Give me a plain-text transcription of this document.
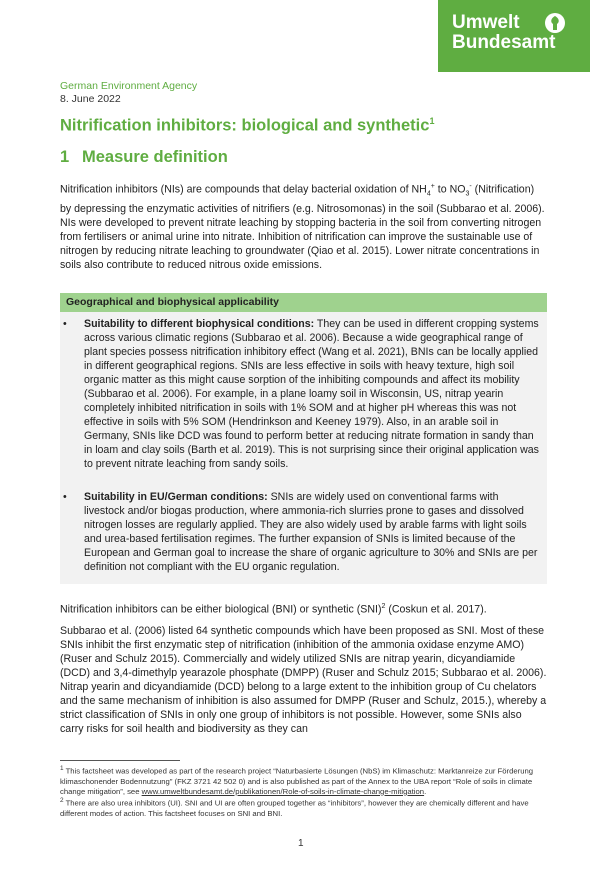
Umwelt
Bundesamt
German Environment Agency
8. June 2022
Nitrification inhibitors: biological and synthetic$^1$
1 Measure definition

Nitrification inhibitors (NIs) are compounds that delay bacterial oxidation of $NH_4^+$ to $NO_3^-$ (Nitrification) by depressing the enzymatic activities of nitrifiers (e.g. Nitrosomonas) in the soil (Subbarao et al. 2006). NIs were developed to prevent nitrate leaching by stopping bacteria in the soil from converting nitrogen from fertilisers or animal urine into nitrate. Inhibition of nitrification can improve the sustainable use of nitrogen by reducing nitrate leaching to groundwater (Qiao et al. 2015). Lower nitrate concentrations in soils also contribute to reduced nitrous oxide emissions.

Geographical and biophysical applicability
•	Suitability to different biophysical conditions: They can be used in different cropping systems across various climatic regions (Subbarao et al. 2006). Because a wide geographical range of plant species possess nitrification inhibitory effect (Wang et al. 2021), BNIs can be locally applied in different geographical regions. SNIs are less effective in soils with heavy texture, high soil organic matter as this might cause sorption of the inhibiting compounds and affect its mobility (Subbarao et al. 2006). For example, in a plane loamy soil in Wisconsin, US, nitrap yearin completely inhibited nitrification in soils with 1% SOM and at higher pH whereas this was not effective in soils with 5% SOM (Hendrinkson and Keeney 1979). Also, in an arable soil in Germany, SNIs like DCD was found to perform better at reducing nitrate formation in sandy than in loam and clay soils (Barth et al. 2019). This is not surprising since their original application was to prevent nitrate leaching from sandy soils.
•	Suitability in EU/German conditions: SNIs are widely used on conventional farms with livestock and/or biogas production, where ammonia-rich slurries prone to gases and dissolved nitrogen losses are regularly applied. They are also widely used by arable farms with light soils and urea-based fertilisation regimes. The further expansion of SNIs is limited because of the European and German goal to increase the share of organic agriculture to 30% and SNIs are per definition not compliant with the EU organic regulation.

Nitrification inhibitors can be either biological (BNI) or synthetic (SNI)$^2$ (Coskun et al. 2017).

Subbarao et al. (2006) listed 64 synthetic compounds which have been proposed as SNI. Most of these SNIs inhibit the first enzymatic step of nitrification (inhibition of the ammonia oxidase enzyme AMO) (Ruser and Schulz 2015). Commercially and widely utilized SNIs are nitrap yearin, dicyandiamide (DCD) and 3,4-dimethylp yearazole phosphate (DMPP) (Ruser and Schulz 2015; Subbarao et al. 2006). Nitrap yearin and dicyandiamide (DCD) belong to a large extent to the inhibition group of Cu chelators and the same mechanism of inhibition is also assumed for DMPP (Ruser and Schulz, 2015.), whereby a strict classification of SNIs in only one group of inhibitors is not possible. However, some SNIs also carry risks for soil health and biodiversity as they can

$^1$ This factsheet was developed as part of the research project “Naturbasierte Lösungen (NbS) im Klimaschutz: Marktanreize zur Förderung klimaschonender Bodennutzung” (FKZ 3721 42 502 0) and is also published as part of the Annex to the UBA report “Role of soils in climate change mitigation”, see www.umweltbundesamt.de/publikationen/Role-of-soils-in-climate-change-mitigation.

$^2$ There are also urea inhibitors (UI). SNI and UI are often grouped together as “inhibitors”, however they are chemically different and have different modes of action. This factsheet focuses on SNI and BNI.

1
